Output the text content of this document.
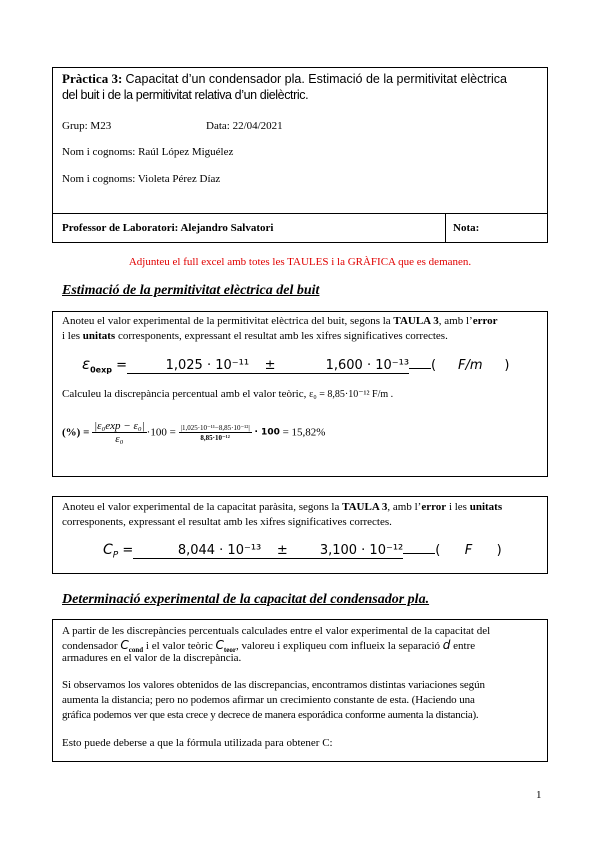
Pràctica 3: Capacitat d’un condensador pla. Estimació de la permitivitat elèctrica
del buit i de la permitivitat relativa d’un dielèctric.
Grup: M23	Data: 22/04/2021
Nom i cognoms: Raúl López Miguélez
Nom i cognoms: Violeta Pérez Díaz
Professor de Laboratori: Alejandro Salvatori	Nota:
Adjunteu el full excel amb totes les TAULES i la GRÀFICA que es demanen.
Estimació de la permitivitat elèctrica del buit
Anoteu el valor experimental de la permitivitat elèctrica del buit, segons la TAULA 3, amb l’error
i les unitats corresponents, expressant el resultat amb les xifres significatives correctes.
$\varepsilon_{0exp}$ =	1,025 · 10⁻¹¹ ±	1,600 · 10⁻¹³ ( F/m )
Calculeu la discrepància percentual amb el valor teòric, ε₀ = 8,85·10⁻¹² F/m .
(%) = $\frac{\text{|ε₀exp − ε₀|}}{\text{ε₀}} \cdot 100 = \frac{\text{|1,025·10⁻¹¹−8,85·10⁻¹²|}}{\text{8,85·10⁻¹²}} \cdot 100 = 15,82\%$
Anoteu el valor experimental de la capacitat paràsita, segons la TAULA 3, amb l’error i les unitats
corresponents, expressant el resultat amb les xifres significatives correctes.
$C_P$ =	8,044 · 10⁻¹³ ± 3,100 · 10⁻¹² ( F )
Determinació experimental de la capacitat del condensador pla.
A partir de les discrepàncies percentuals calculades entre el valor experimental de la capacitat del
condensador $C_{cond}$ i el valor teòric $C_{teor}$, valoreu i expliqueu com influeix la separació d entre
armadures en el valor de la discrepància.
Si observamos los valores obtenidos de las discrepancias, encontramos distintas variaciones según
aumenta la distancia; pero no podemos afirmar un crecimiento constante de esta. (Haciendo una
gráfica podemos ver que esta crece y decrece de manera esporádica conforme aumenta la distancia).
Esto puede deberse a que la fórmula utilizada para obtener C:
1
